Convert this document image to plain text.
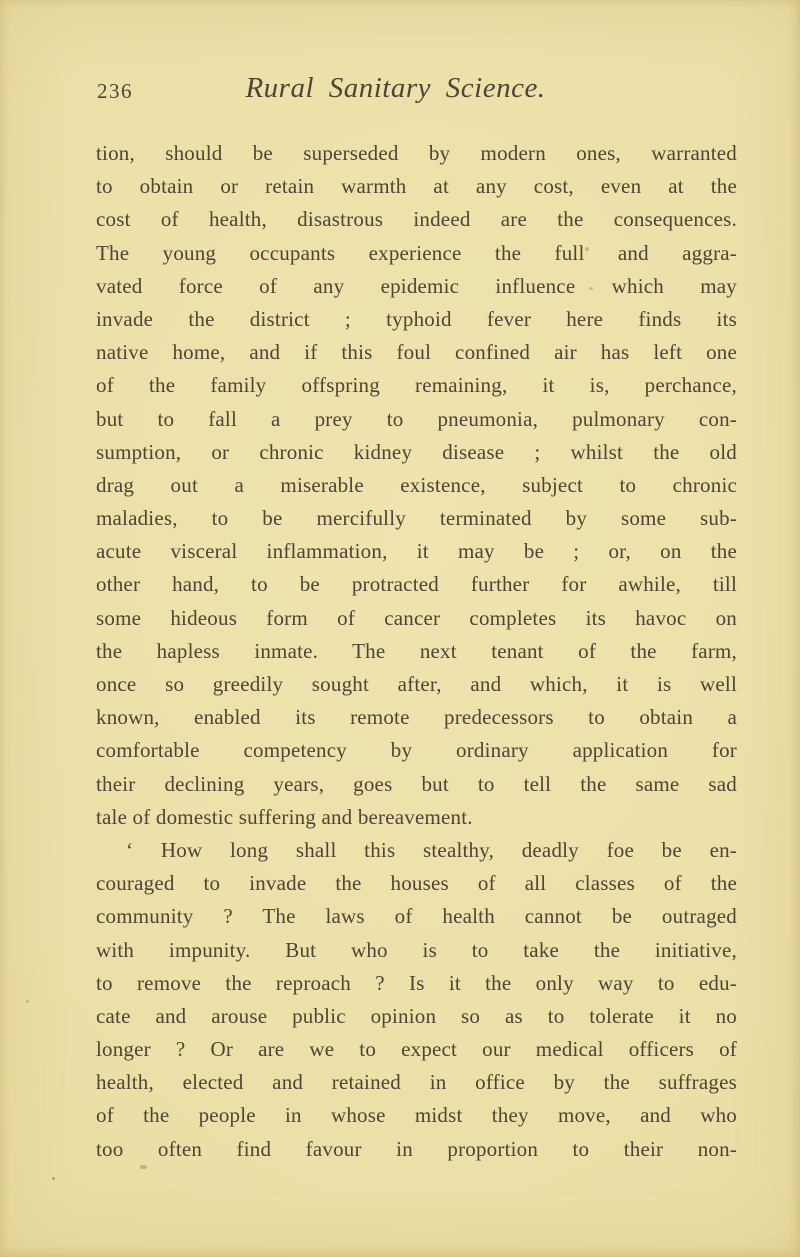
236	Rural Sanitary Science.
tion, should be superseded by modern ones, warranted
to obtain or retain warmth at any cost, even at the
cost of health, disastrous indeed are the consequences.
The young occupants experience the full and aggra-
vated force of any epidemic influence which may
invade the district ; typhoid fever here finds its
native home, and if this foul confined air has left one
of the family offspring remaining, it is, perchance,
but to fall a prey to pneumonia, pulmonary con-
sumption, or chronic kidney disease ; whilst the old
drag out a miserable existence, subject to chronic
maladies, to be mercifully terminated by some sub-
acute visceral inflammation, it may be ; or, on the
other hand, to be protracted further for awhile, till
some hideous form of cancer completes its havoc on
the hapless inmate. The next tenant of the farm,
once so greedily sought after, and which, it is well
known, enabled its remote predecessors to obtain a
comfortable competency by ordinary application for
their declining years, goes but to tell the same sad
tale of domestic suffering and bereavement.
‘ How long shall this stealthy, deadly foe be en-
couraged to invade the houses of all classes of the
community ? The laws of health cannot be outraged
with impunity. But who is to take the initiative,
to remove the reproach ? Is it the only way to edu-
cate and arouse public opinion so as to tolerate it no
longer ? Or are we to expect our medical officers of
health, elected and retained in office by the suffrages
of the people in whose midst they move, and who
too often find favour in proportion to their non-
